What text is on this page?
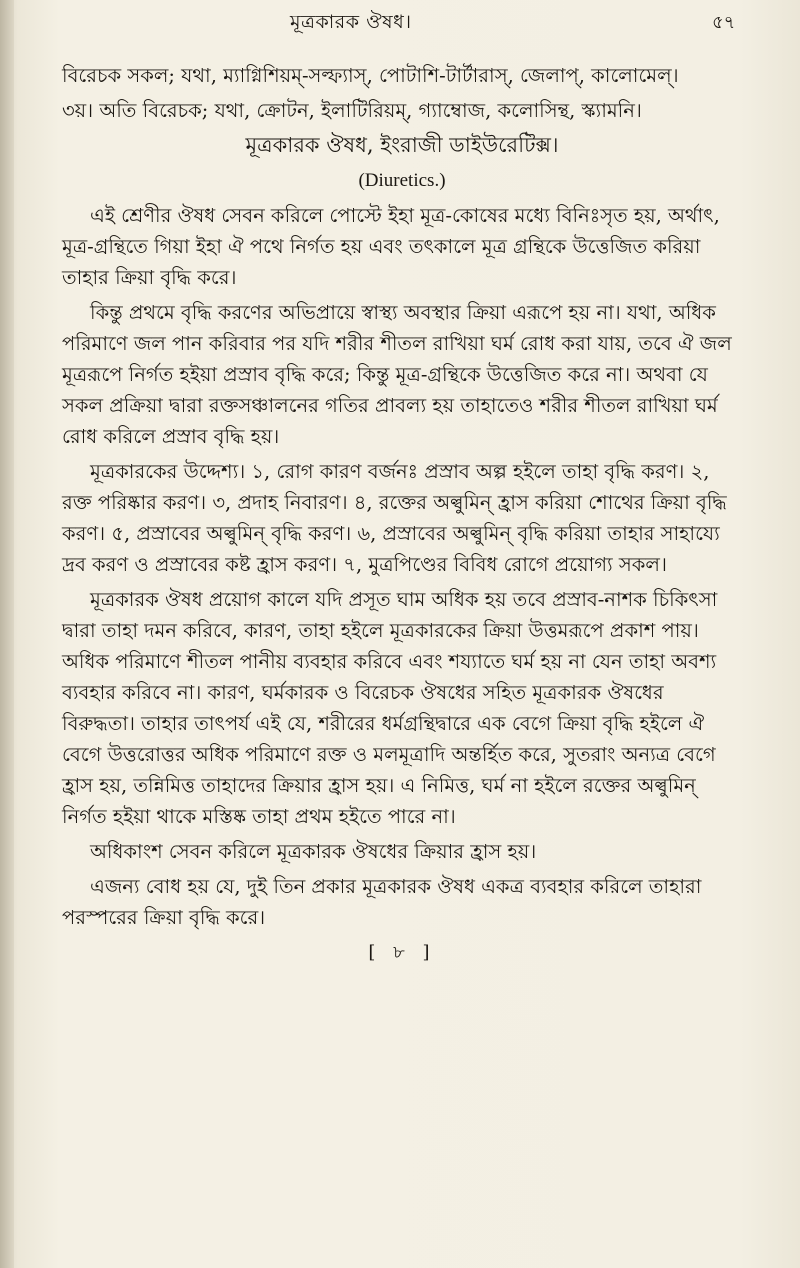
মূত্রকারক ঔষধ।	৫৭

বিরেচক সকল; যথা, ম্যাগ্নিশিয়ম্-সল্ফ্যাস্, পোটাশি-টার্টারাস্, জেলাপ্, কালোমেল্।

৩য়। অতি বিরেচক; যথা, ক্রোটন, ইলাটিরিয়ম্, গ্যাম্বোজ, কলোসিন্থ, স্ক্যামনি।

মূত্রকারক ঔষধ, ইংরাজী ডাইউরেটিক্স।

(Diuretics.)

এই শ্রেণীর ঔষধ সেবন করিলে পোস্টে ইহা মূত্র-কোষের মধ্যে বিনিঃসৃত হয়, অর্থাৎ, মূত্র-গ্রন্থিতে গিয়া ইহা ঐ পথে নির্গত হয় এবং তৎকালে মূত্র গ্রন্থিকে উত্তেজিত করিয়া তাহার ক্রিয়া বৃদ্ধি করে।

কিন্তু প্রথমে বৃদ্ধি করণের অভিপ্রায়ে স্বাস্থ্য অবস্থার ক্রিয়া এরূপে হয় না। যথা, অধিক পরিমাণে জল পান করিবার পর যদি শরীর শীতল রাখিয়া ঘর্ম রোধ করা যায়, তবে ঐ জল মূত্ররূপে নির্গত হইয়া প্রস্রাব বৃদ্ধি করে; কিন্তু মূত্র-গ্রন্থিকে উত্তেজিত করে না। অথবা যে সকল প্রক্রিয়া দ্বারা রক্তসঞ্চালনের গতির প্রাবল্য হয় তাহাতেও শরীর শীতল রাখিয়া ঘর্ম রোধ করিলে প্রস্রাব বৃদ্ধি হয়।

মূত্রকারকের উদ্দেশ্য। ১, রোগ কারণ বর্জনঃ প্রস্রাব অল্প হইলে তাহা বৃদ্ধি করণ। ২, রক্ত পরিষ্কার করণ। ৩, প্রদাহ নিবারণ। ৪, রক্তের অল্বুমিন্ হ্রাস করিয়া শোথের ক্রিয়া বৃদ্ধি করণ। ৫, প্রস্রাবের অল্বুমিন্ বৃদ্ধি করণ। ৬, প্রস্রাবের অল্বুমিন্ বৃদ্ধি করিয়া তাহার সাহায্যে দ্রব করণ ও প্রস্রাবের কষ্ট হ্রাস করণ। ৭, মুত্রপিণ্ডের বিবিধ রোগে প্রয়োগ্য সকল।

মূত্রকারক ঔষধ প্রয়োগ কালে যদি প্রসূত ঘাম অধিক হয় তবে প্রস্রাব-নাশক চিকিৎসা দ্বারা তাহা দমন করিবে, কারণ, তাহা হইলে মূত্রকারকের ক্রিয়া উত্তমরূপে প্রকাশ পায়। অধিক পরিমাণে শীতল পানীয় ব্যবহার করিবে এবং শয্যাতে ঘর্ম হয় না যেন তাহা অবশ্য ব্যবহার করিবে না। কারণ, ঘর্মকারক ও বিরেচক ঔষধের সহিত মূত্রকারক ঔষধের বিরুদ্ধতা। তাহার তাৎপর্য এই যে, শরীরের ধর্মগ্রন্থিদ্বারে এক বেগে ক্রিয়া বৃদ্ধি হইলে ঐ বেগে উত্তরোত্তর অধিক পরিমাণে রক্ত ও মলমূত্রাদি অন্তর্হিত করে, সুতরাং অন্যত্র বেগে হ্রাস হয়, তন্নিমিত্ত তাহাদের ক্রিয়ার হ্রাস হয়। এ নিমিত্ত, ঘর্ম না হইলে রক্তের অল্বুমিন্ নির্গত হইয়া থাকে মস্তিষ্ক তাহা প্রথম হইতে পারে না।

অধিকাংশ সেবন করিলে মূত্রকারক ঔষধের ক্রিয়ার হ্রাস হয়।

এজন্য বোধ হয় যে, দুই তিন প্রকার মূত্রকারক ঔষধ একত্র ব্যবহার করিলে তাহারা পরস্পরের ক্রিয়া বৃদ্ধি করে।

[ ৮ ]
